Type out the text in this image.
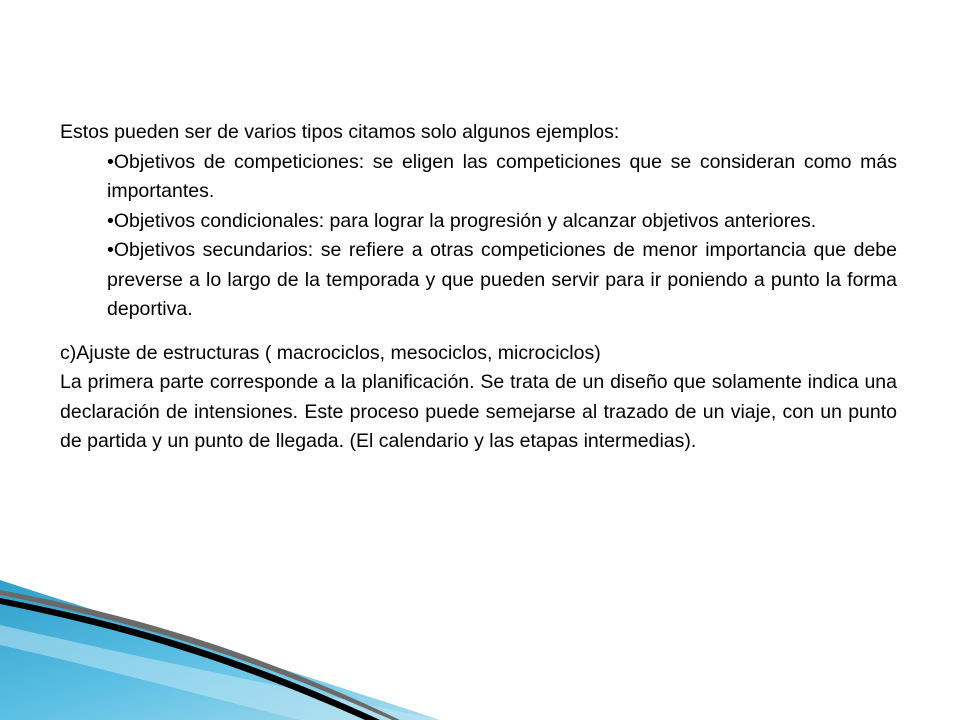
Estos pueden ser de varios tipos citamos solo algunos ejemplos:

• Objetivos de competiciones: se eligen las competiciones que se consideran como más importantes.
• Objetivos condicionales: para lograr la progresión y alcanzar objetivos anteriores.
• Objetivos secundarios: se refiere a otras competiciones de menor importancia que debe preverse a lo largo de la temporada y que pueden servir para ir poniendo a punto la forma deportiva.

c)Ajuste de estructuras ( macrociclos, mesociclos, microciclos)

La primera parte corresponde a la planificación. Se trata de un diseño que solamente indica una declaración de intensiones. Este proceso puede semejarse al trazado de un viaje, con un punto de partida y un punto de llegada. (El calendario y las etapas intermedias).
